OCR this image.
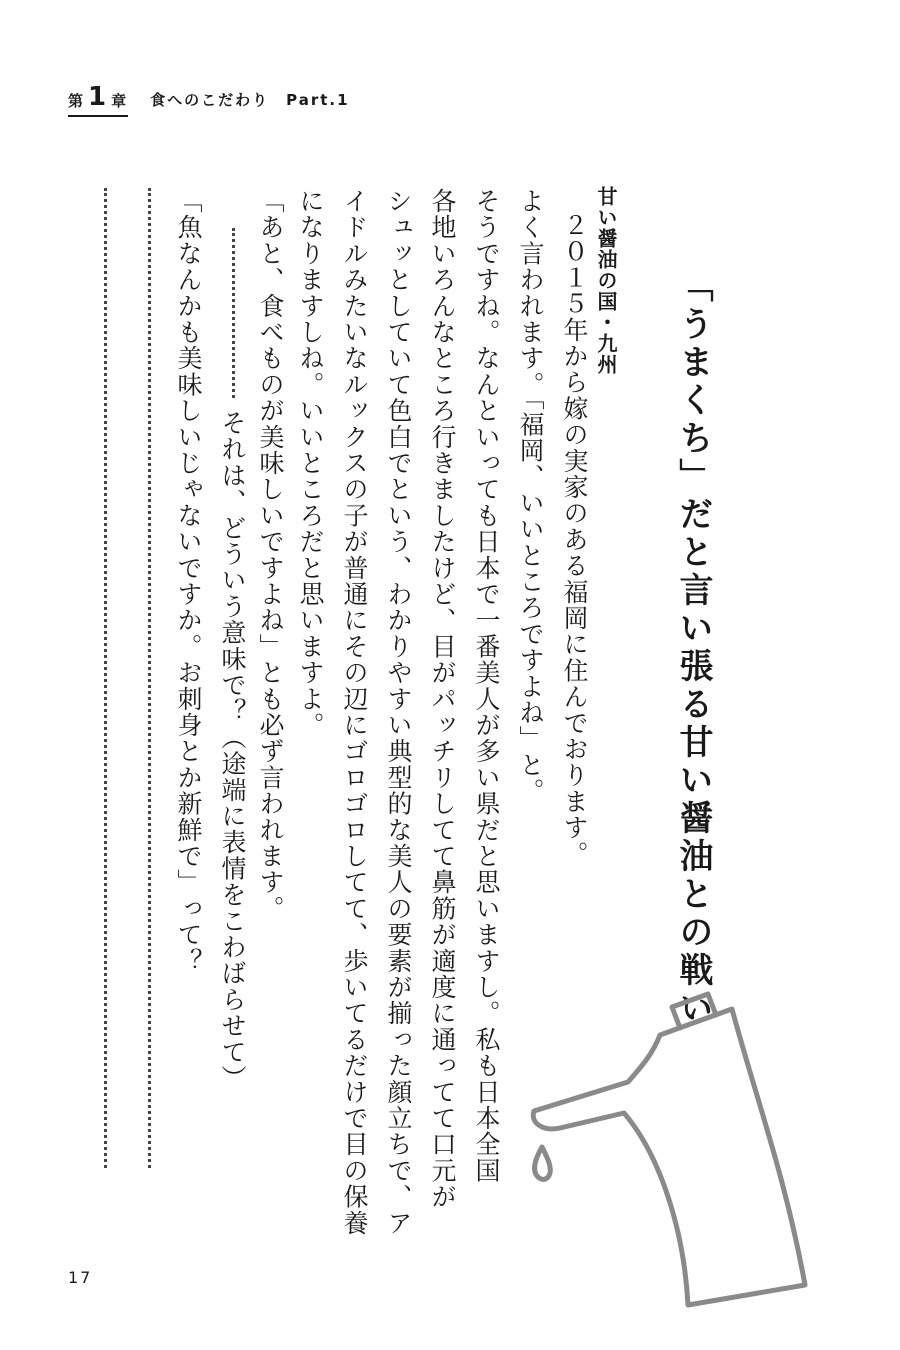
第 1 章 食へのこだわり　Part.1
「うまくち」だと言い張る甘い醤油との戦い
甘い醤油の国・九州
２０１５年から嫁の実家のある福岡に住んでおります。
よく言われます。「福岡、いいところですよね」と。
そうですね。なんといっても日本で一番美人が多い県だと思いますし。私も日本全国
各地いろんなところ行きましたけど、目がパッチリしてて鼻筋が適度に通ってて口元が
シュッとしていて色白でという、わかりやすい典型的な美人の要素が揃った顔立ちで、ア
イドルみたいなルックスの子が普通にその辺にゴロゴロしてて、歩いてるだけで目の保養
になりますしね。いいところだと思いますよ。
「あと、食べものが美味しいですよね」とも必ず言われます。
それは、どういう意味で？（途端に表情をこわばらせて）
「魚なんかも美味しいじゃないですか。お刺身とか新鮮で」って？
17
